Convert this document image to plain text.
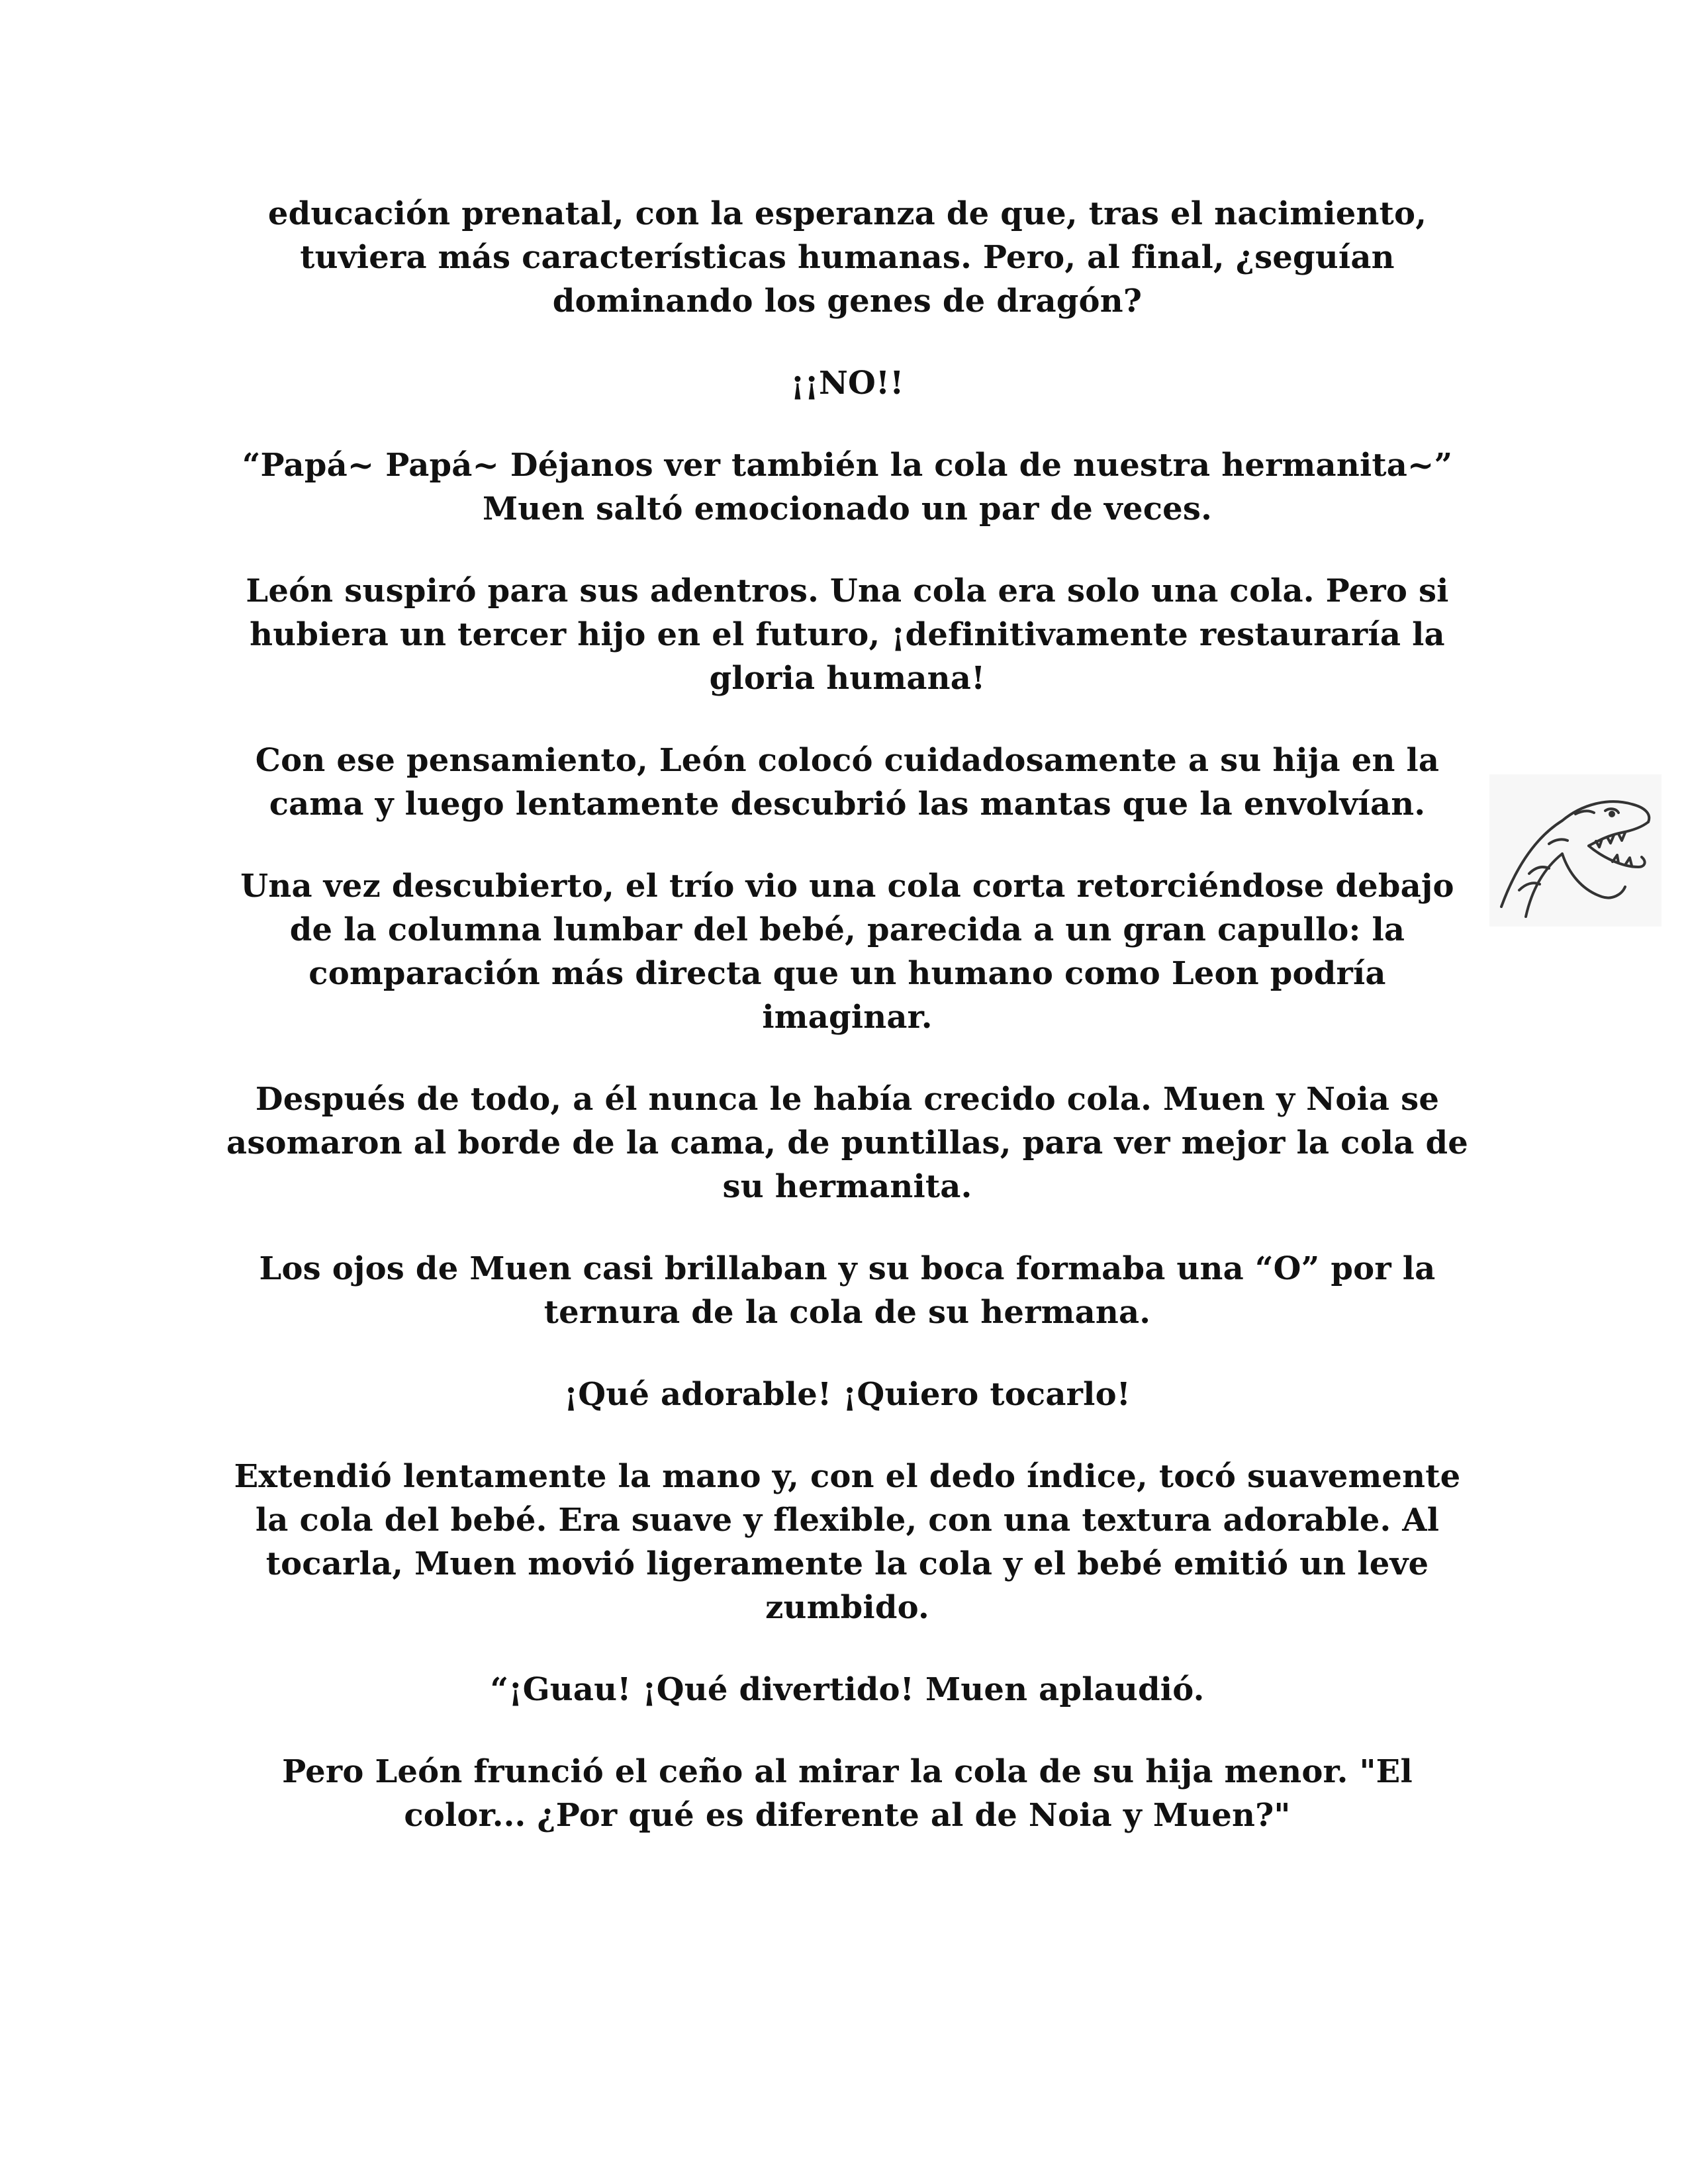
educación prenatal, con la esperanza de que, tras el nacimiento, tuviera más características humanas. Pero, al final, ¿seguían dominando los genes de dragón?

¡¡NO!!

“Papá~ Papá~ Déjanos ver también la cola de nuestra hermanita~” Muen saltó emocionado un par de veces.

León suspiró para sus adentros. Una cola era solo una cola. Pero si hubiera un tercer hijo en el futuro, ¡definitivamente restauraría la gloria humana!

Con ese pensamiento, León colocó cuidadosamente a su hija en la cama y luego lentamente descubrió las mantas que la envolvían.

Una vez descubierto, el trío vio una cola corta retorciéndose debajo de la columna lumbar del bebé, parecida a un gran capullo: la comparación más directa que un humano como Leon podría imaginar.

Después de todo, a él nunca le había crecido cola. Muen y Noia se asomaron al borde de la cama, de puntillas, para ver mejor la cola de su hermanita.

Los ojos de Muen casi brillaban y su boca formaba una “O” por la ternura de la cola de su hermana.

¡Qué adorable! ¡Quiero tocarlo!

Extendió lentamente la mano y, con el dedo índice, tocó suavemente la cola del bebé. Era suave y flexible, con una textura adorable. Al tocarla, Muen movió ligeramente la cola y el bebé emitió un leve zumbido.

“¡Guau! ¡Qué divertido! Muen aplaudió.

Pero León frunció el ceño al mirar la cola de su hija menor. "El color... ¿Por qué es diferente al de Noia y Muen?"
